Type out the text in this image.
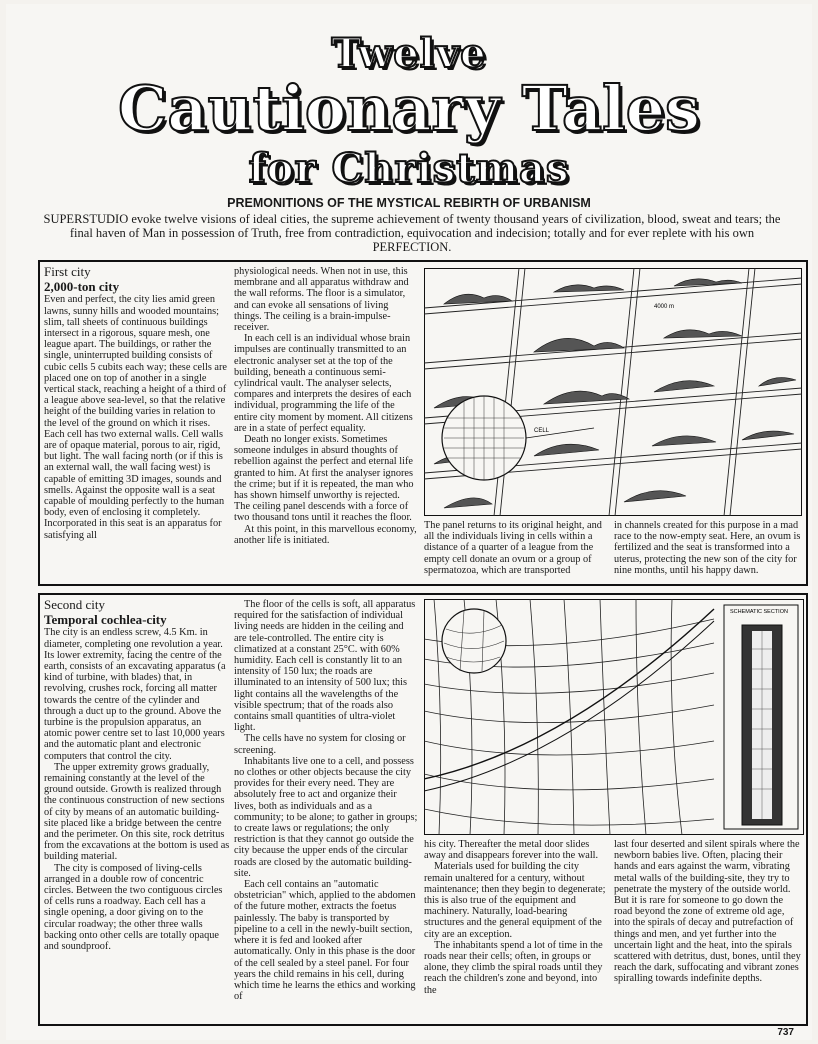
Twelve
Cautionary Tales
for Christmas
PREMONITIONS OF THE MYSTICAL REBIRTH OF URBANISM
SUPERSTUDIO evoke twelve visions of ideal cities, the supreme achievement of twenty thousand years of civilization, blood, sweat and tears; the final haven of Man in possession of Truth, free from contradiction, equivocation and indecision; totally and for ever replete with his own PERFECTION.
First city
2,000-ton city

Even and perfect, the city lies amid green lawns, sunny hills and wooded mountains; slim, tall sheets of continuous buildings intersect in a rigorous, square mesh, one league apart. The buildings, or rather the single, uninterrupted building consists of cubic cells 5 cubits each way; these cells are placed one on top of another in a single vertical stack, reaching a height of a third of a league above sea-level, so that the relative height of the building varies in relation to the level of the ground on which it rises. Each cell has two external walls. Cell walls are of opaque material, porous to air, rigid, but light. The wall facing north (or if this is an external wall, the wall facing west) is capable of emitting 3D images, sounds and smells. Against the opposite wall is a seat capable of moulding perfectly to the human body, even of enclosing it completely. Incorporated in this seat is an apparatus for satisfying all

physiological needs. When not in use, this membrane and all apparatus withdraw and the wall reforms. The floor is a simulator, and can evoke all sensations of living things. The ceiling is a brain-impulse-receiver.

In each cell is an individual whose brain impulses are continually transmitted to an electronic analyser set at the top of the building, beneath a continuous semi-cylindrical vault. The analyser selects, compares and interprets the desires of each individual, programming the life of the entire city moment by moment. All citizens are in a state of perfect equality.

Death no longer exists. Sometimes someone indulges in absurd thoughts of rebellion against the perfect and eternal life granted to him. At first the analyser ignores the crime; but if it is repeated, the man who has shown himself unworthy is rejected. The ceiling panel descends with a force of two thousand tons until it reaches the floor.

At this point, in this marvellous economy, another life is initiated.

CELL
4000 m

The panel returns to its original height, and all the individuals living in cells within a distance of a quarter of a league from the empty cell donate an ovum or a group of spermatozoa, which are transported

in channels created for this purpose in a mad race to the now-empty seat. Here, an ovum is fertilized and the seat is transformed into a uterus, protecting the new son of the city for nine months, until his happy dawn.

Second city
Temporal cochlea-city

The city is an endless screw, 4.5 Km. in diameter, completing one revolution a year.

Its lower extremity, facing the centre of the earth, consists of an excavating apparatus (a kind of turbine, with blades) that, in revolving, crushes rock, forcing all matter towards the centre of the cylinder and through a duct up to the ground. Above the turbine is the propulsion apparatus, an atomic power centre set to last 10,000 years and the automatic plant and electronic computers that control the city.

The upper extremity grows gradually, remaining constantly at the level of the ground outside. Growth is realized through the continuous construction of new sections of city by means of an automatic building-site placed like a bridge between the centre and the perimeter. On this site, rock detritus from the excavations at the bottom is used as building material.

The city is composed of living-cells arranged in a double row of concentric circles. Between the two contiguous circles of cells runs a roadway. Each cell has a single opening, a door giving on to the circular roadway; the other three walls backing onto other cells are totally opaque and soundproof.

The floor of the cells is soft, all apparatus required for the satisfaction of individual living needs are hidden in the ceiling and are tele-controlled. The entire city is climatized at a constant 25°C. with 60% humidity. Each cell is constantly lit to an intensity of 150 lux; the roads are illuminated to an intensity of 500 lux; this light contains all the wavelengths of the visible spectrum; that of the roads also contains small quantities of ultra-violet light.

The cells have no system for closing or screening.

Inhabitants live one to a cell, and possess no clothes or other objects because the city provides for their every need. They are absolutely free to act and organize their lives, both as individuals and as a community; to be alone; to gather in groups; to create laws or regulations; the only restriction is that they cannot go outside the city because the upper ends of the circular roads are closed by the automatic building-site.

Each cell contains an "automatic obstetrician" which, applied to the abdomen of the future mother, extracts the foetus painlessly. The baby is transported by pipeline to a cell in the newly-built section, where it is fed and looked after automatically. Only in this phase is the door of the cell sealed by a steel panel. For four years the child remains in his cell, during which time he learns the ethics and working of

SCHEMATIC SECTION

his city. Thereafter the metal door slides away and disappears forever into the wall.

Materials used for building the city remain unaltered for a century, without maintenance; then they begin to degenerate; this is also true of the equipment and machinery. Naturally, load-bearing structures and the general equipment of the city are an exception.

The inhabitants spend a lot of time in the roads near their cells; often, in groups or alone, they climb the spiral roads until they reach the children's zone and beyond, into the

last four deserted and silent spirals where the newborn babies live. Often, placing their hands and ears against the warm, vibrating metal walls of the building-site, they try to penetrate the mystery of the outside world. But it is rare for someone to go down the road beyond the zone of extreme old age, into the spirals of decay and putrefaction of things and men, and yet further into the uncertain light and the heat, into the spirals scattered with detritus, dust, bones, until they reach the dark, suffocating and vibrant zones spiralling towards indefinite depths.

737
